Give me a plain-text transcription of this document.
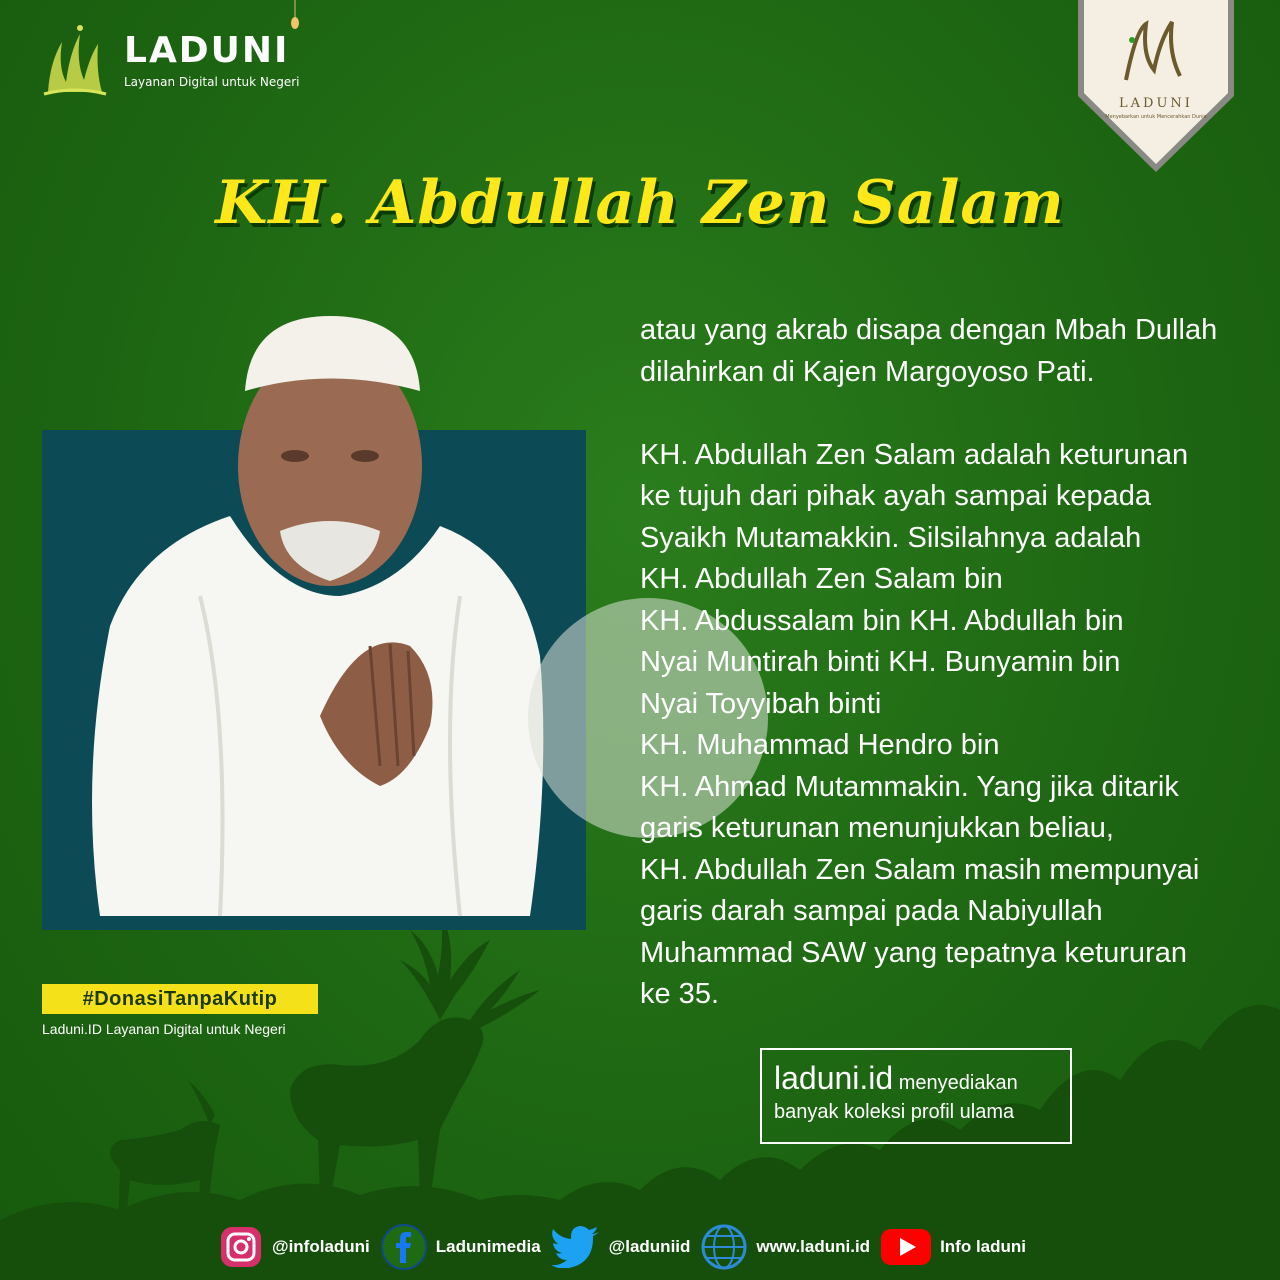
LADUNI
Layanan Digital untuk Negeri
LADUNI
Menyebarkan untuk Mencerahkan Dunia
KH. Abdullah Zen Salam

atau yang akrab disapa dengan Mbah Dullah

dilahirkan di Kajen Margoyoso Pati.

KH. Abdullah Zen Salam adalah keturunan

ke tujuh dari pihak ayah sampai kepada

Syaikh Mutamakkin. Silsilahnya adalah

KH. Abdullah Zen Salam bin

KH. Abdussalam bin KH. Abdullah bin

Nyai Muntirah binti KH. Bunyamin bin

Nyai Toyyibah binti

KH. Muhammad Hendro bin

KH. Ahmad Mutammakin. Yang jika ditarik

garis keturunan menunjukkan beliau,

KH. Abdullah Zen Salam masih mempunyai

garis darah sampai pada Nabiyullah

Muhammad SAW yang tepatnya ketururan

ke 35.

#DonasiTanpaKutip
Laduni.ID Layanan Digital untuk Negeri
laduni.id menyediakan
banyak koleksi profil ulama
@infoladuni	Ladunimedia	@laduniid	www.laduni.id	Info laduni
